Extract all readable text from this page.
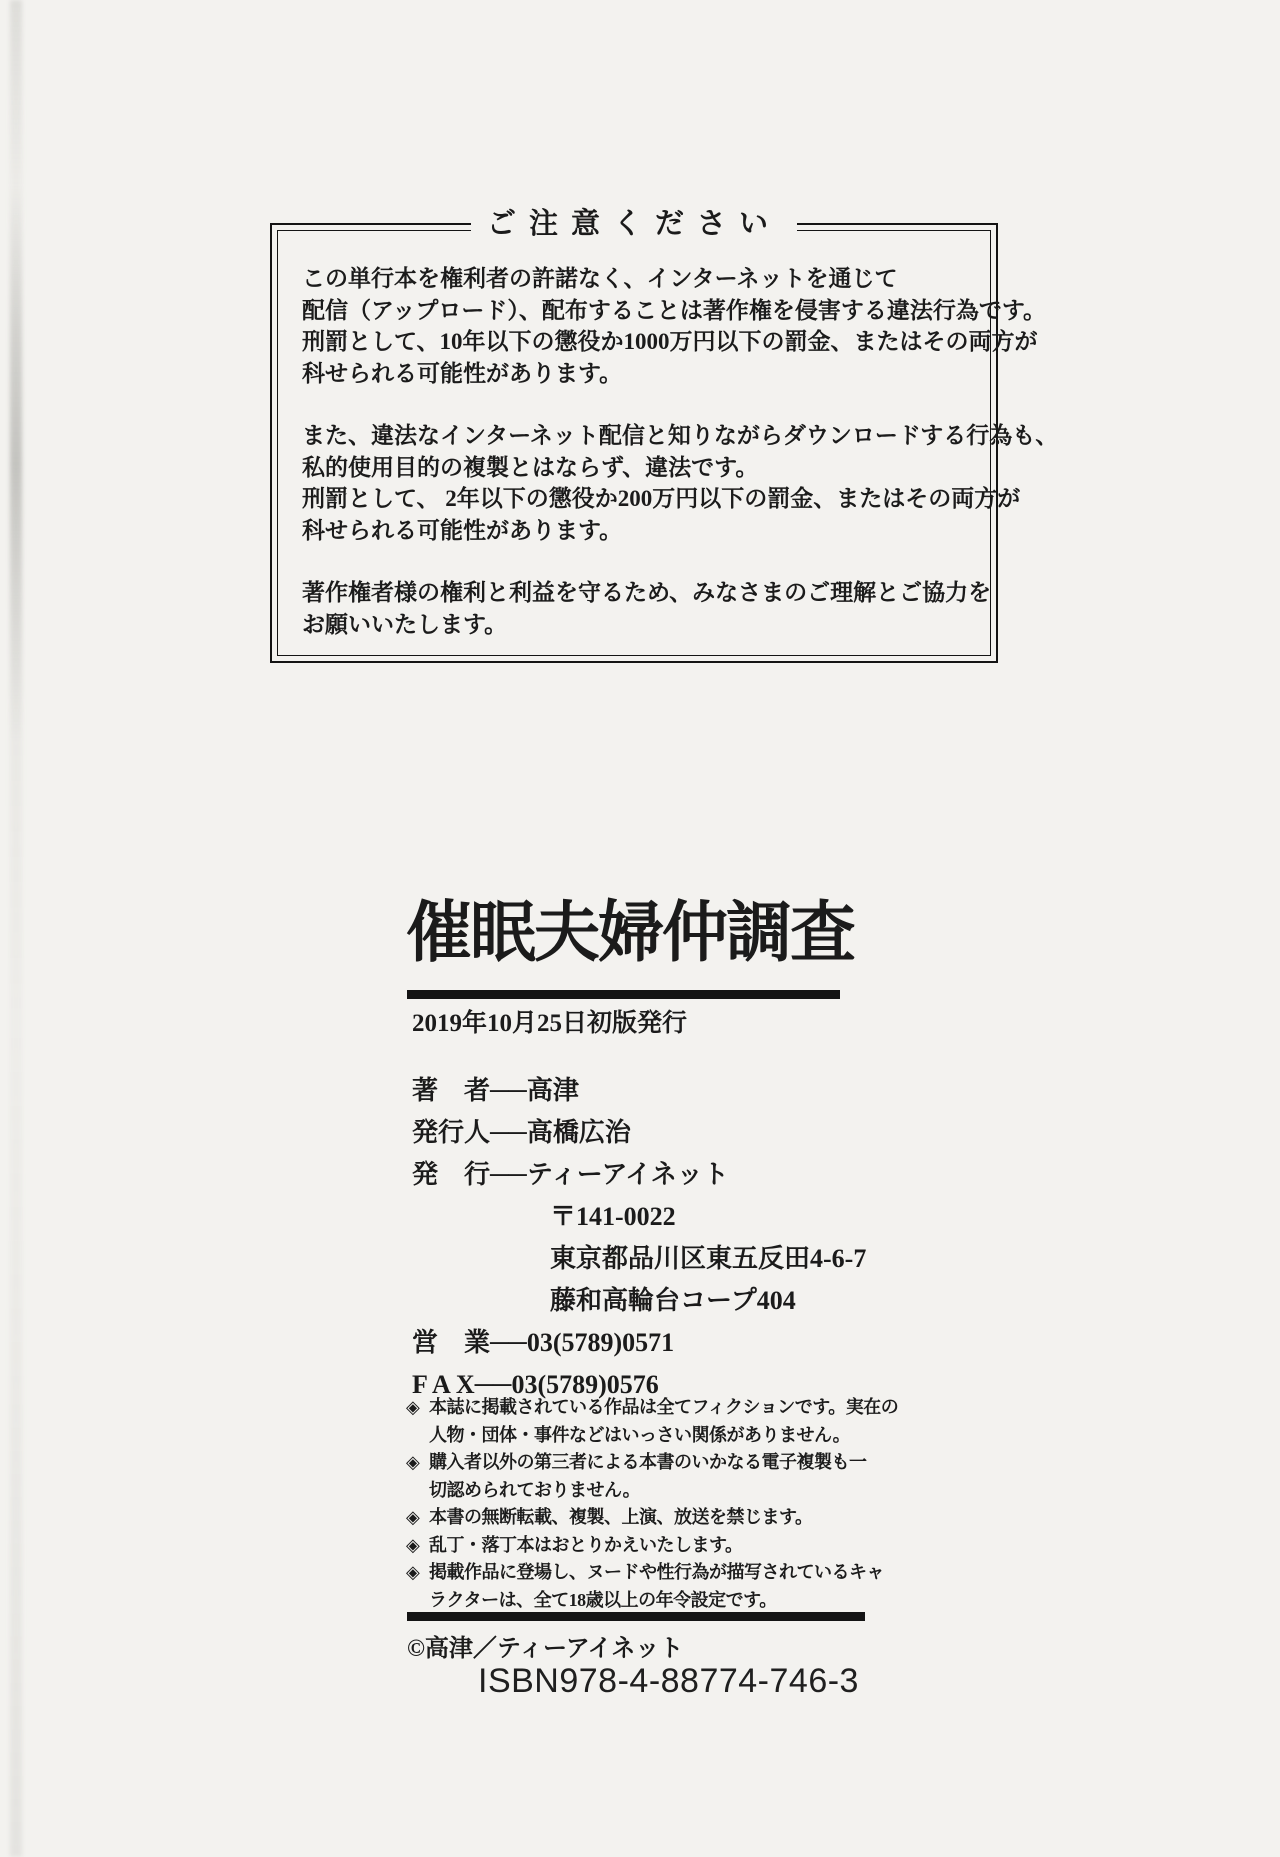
ご注意ください
この単行本を権利者の許諾なく、インターネットを通じて
配信（アップロード）、配布することは著作権を侵害する違法行為です。
刑罰として、10年以下の懲役か1000万円以下の罰金、またはその両方が
科せられる可能性があります。
また、違法なインターネット配信と知りながらダウンロードする行為も、
私的使用目的の複製とはならず、違法です。
刑罰として、 2年以下の懲役か200万円以下の罰金、またはその両方が
科せられる可能性があります。
著作権者様の権利と利益を守るため、みなさまのご理解とご協力を
お願いいたします。
催眠夫婦仲調査
2019年10月25日初版発行
著　者──高津
発行人──高橋広治
発　行──ティーアイネット
〒141-0022
東京都品川区東五反田4-6-7
藤和高輪台コープ404
営　業──03(5789)0571
F A X──03(5789)0576
◈ 本誌に掲載されている作品は全てフィクションです。実在の
人物・団体・事件などはいっさい関係がありません。
◈ 購入者以外の第三者による本書のいかなる電子複製も一
切認められておりません。
◈ 本書の無断転載、複製、上演、放送を禁じます。
◈ 乱丁・落丁本はおとりかえいたします。
◈ 掲載作品に登場し、ヌードや性行為が描写されているキャ
ラクターは、全て18歳以上の年令設定です。
©高津／ティーアイネット
ISBN978-4-88774-746-3
